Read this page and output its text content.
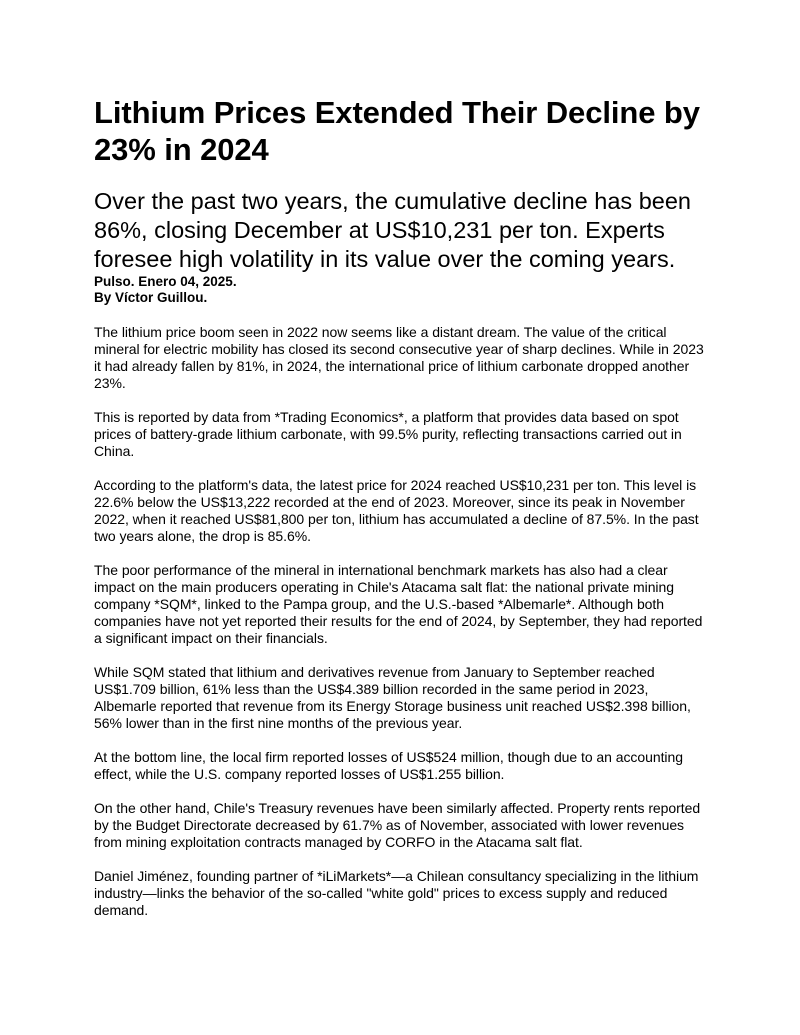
Lithium Prices Extended Their Decline by 23% in 2024
Over the past two years, the cumulative decline has been 86%, closing December at US$10,231 per ton. Experts foresee high volatility in its value over the coming years.

Pulso. Enero 04, 2025.

By Víctor Guillou.

The lithium price boom seen in 2022 now seems like a distant dream. The value of the critical mineral for electric mobility has closed its second consecutive year of sharp declines. While in 2023 it had already fallen by 81%, in 2024, the international price of lithium carbonate dropped another 23%.

This is reported by data from *Trading Economics*, a platform that provides data based on spot prices of battery-grade lithium carbonate, with 99.5% purity, reflecting transactions carried out in China.

According to the platform's data, the latest price for 2024 reached US$10,231 per ton. This level is 22.6% below the US$13,222 recorded at the end of 2023. Moreover, since its peak in November 2022, when it reached US$81,800 per ton, lithium has accumulated a decline of 87.5%. In the past two years alone, the drop is 85.6%.

The poor performance of the mineral in international benchmark markets has also had a clear impact on the main producers operating in Chile's Atacama salt flat: the national private mining company *SQM*, linked to the Pampa group, and the U.S.-based *Albemarle*. Although both companies have not yet reported their results for the end of 2024, by September, they had reported a significant impact on their financials.

While SQM stated that lithium and derivatives revenue from January to September reached US$1.709 billion, 61% less than the US$4.389 billion recorded in the same period in 2023, Albemarle reported that revenue from its Energy Storage business unit reached US$2.398 billion, 56% lower than in the first nine months of the previous year.

At the bottom line, the local firm reported losses of US$524 million, though due to an accounting effect, while the U.S. company reported losses of US$1.255 billion.

On the other hand, Chile's Treasury revenues have been similarly affected. Property rents reported by the Budget Directorate decreased by 61.7% as of November, associated with lower revenues from mining exploitation contracts managed by CORFO in the Atacama salt flat.

Daniel Jiménez, founding partner of *iLiMarkets*—a Chilean consultancy specializing in the lithium industry—links the behavior of the so-called "white gold" prices to excess supply and reduced demand.
